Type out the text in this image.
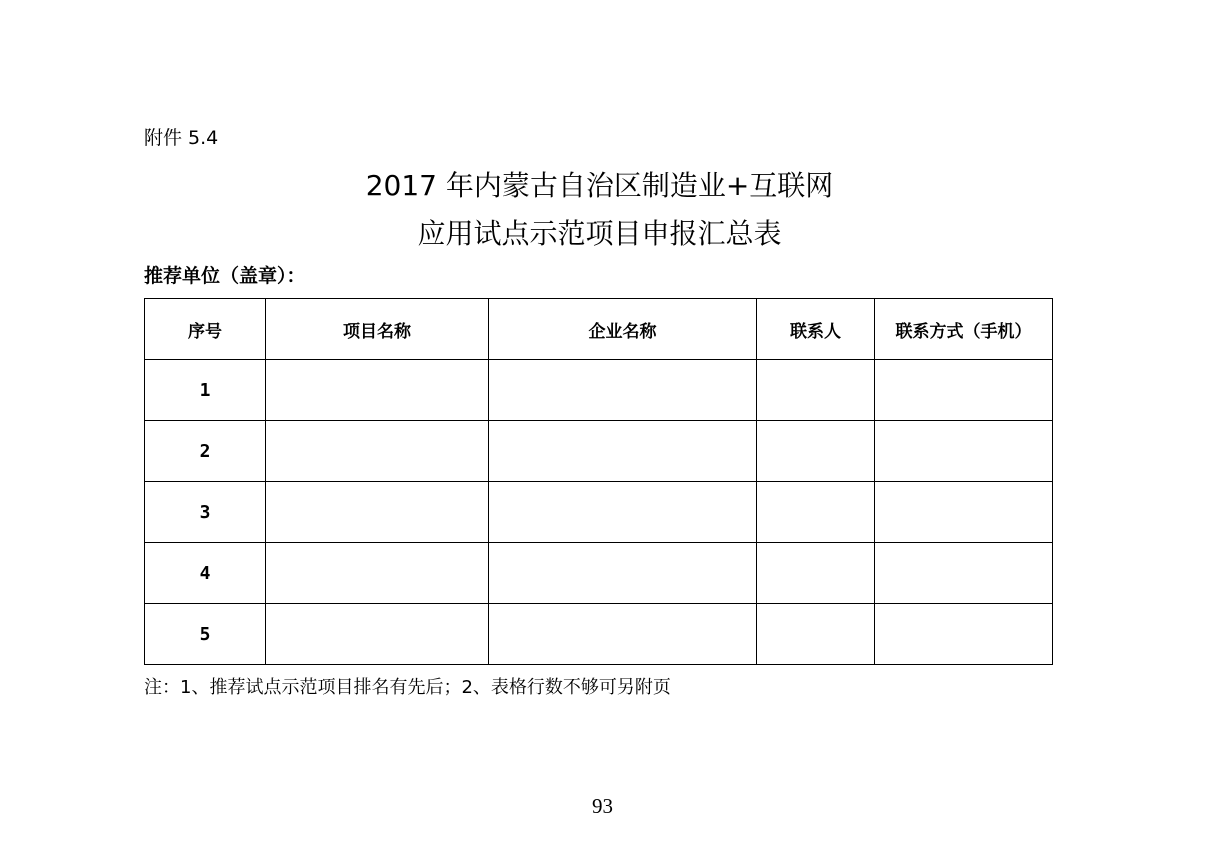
附件 5.4
2017 年内蒙古自治区制造业+互联网
应用试点示范项目申报汇总表
推荐单位（盖章）：
序号	项目名称	企业名称	联系人	联系方式（手机）
1				
2				
3				
4				
5				
注：1、推荐试点示范项目排名有先后；2、表格行数不够可另附页
93
